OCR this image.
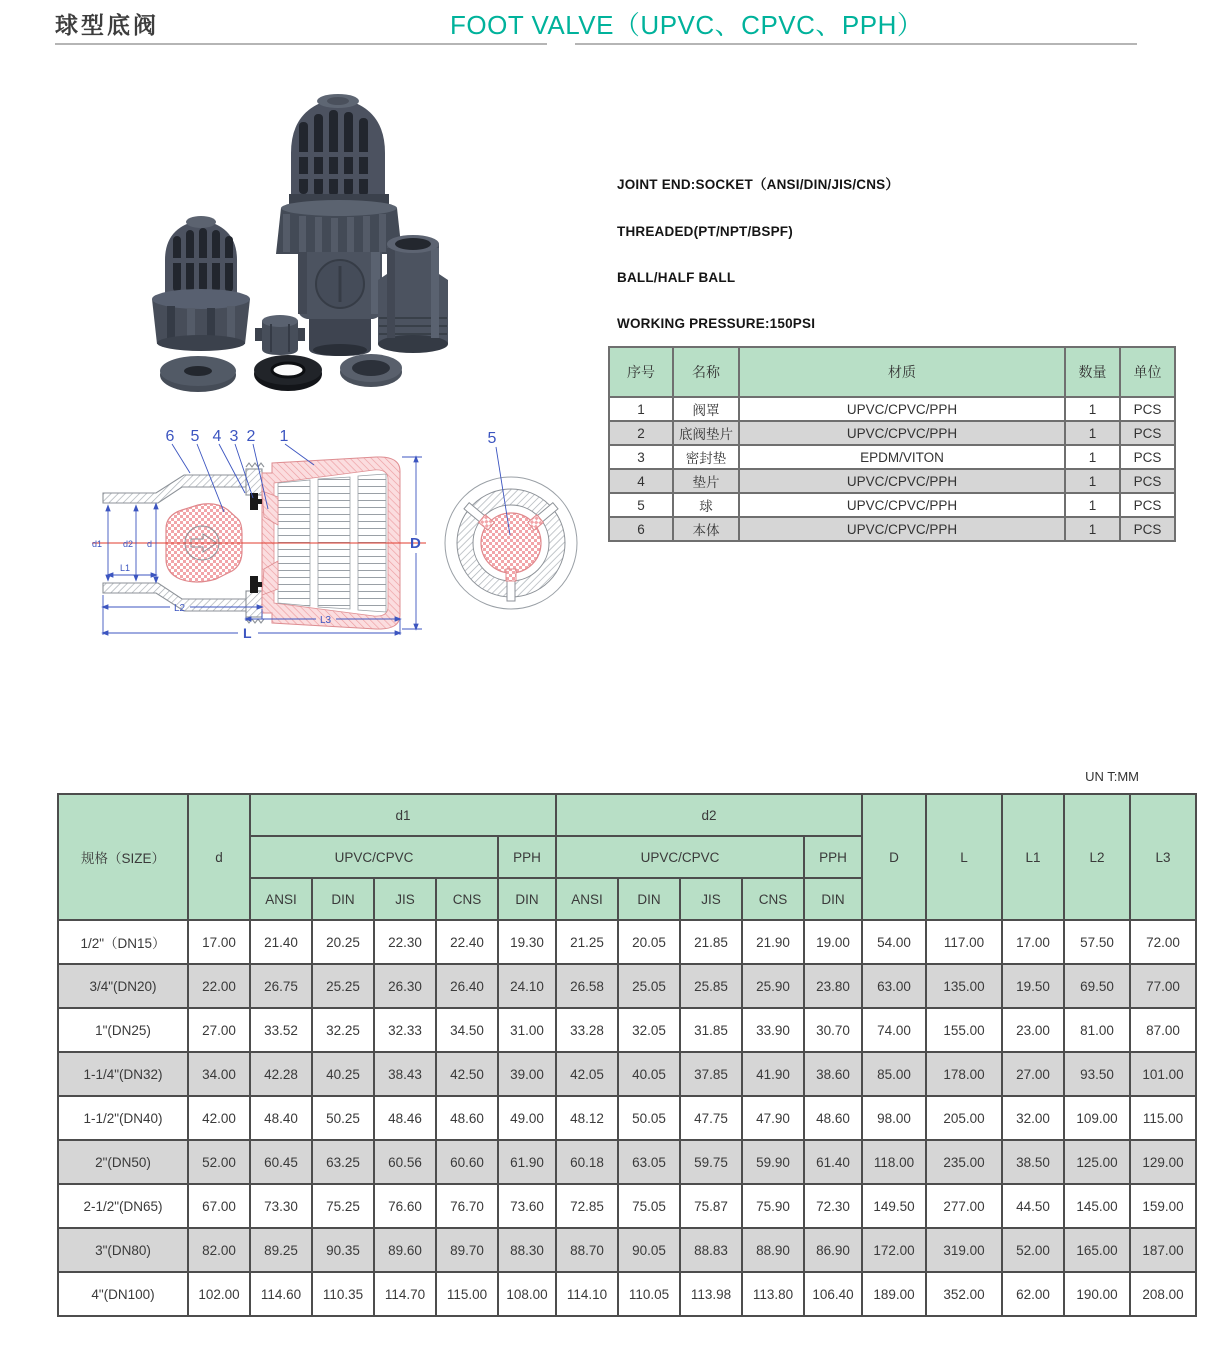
球型底阀	FOOT VALVE（UPVC、CPVC、PPH）
JOINT END:SOCKET（ANSI/DIN/JIS/CNS）
THREADED(PT/NPT/BSPF)
BALL/HALF BALL
WORKING PRESSURE:150PSI
序号	名称	材质	数量	单位
1	阀罩	UPVC/CPVC/PPH	1	PCS
2	底阀垫片	UPVC/CPVC/PPH	1	PCS
3	密封垫	EPDM/VITON	1	PCS
4	垫片	UPVC/CPVC/PPH	1	PCS
5	球	UPVC/CPVC/PPH	1	PCS
6	本体	UPVC/CPVC/PPH	1	PCS
d1 d2 d
L1
L2
L3
L
D
6 5 4 3 2 1	5
UN T:MM
规格（SIZE）	d	d1					d2					D	L	L1	L2	L3
		UPVC/CPVC				PPH	UPVC/CPVC				PPH					
		ANSI	DIN	JIS	CNS	DIN	ANSI	DIN	JIS	CNS	DIN					
1/2"（DN15）	17.00	21.40	20.25	22.30	22.40	19.30	21.25	20.05	21.85	21.90	19.00	54.00	117.00	17.00	57.50	72.00
3/4"(DN20)	22.00	26.75	25.25	26.30	26.40	24.10	26.58	25.05	25.85	25.90	23.80	63.00	135.00	19.50	69.50	77.00
1"(DN25)	27.00	33.52	32.25	32.33	34.50	31.00	33.28	32.05	31.85	33.90	30.70	74.00	155.00	23.00	81.00	87.00
1-1/4"(DN32)	34.00	42.28	40.25	38.43	42.50	39.00	42.05	40.05	37.85	41.90	38.60	85.00	178.00	27.00	93.50	101.00
1-1/2"(DN40)	42.00	48.40	50.25	48.46	48.60	49.00	48.12	50.05	47.75	47.90	48.60	98.00	205.00	32.00	109.00	115.00
2"(DN50)	52.00	60.45	63.25	60.56	60.60	61.90	60.18	63.05	59.75	59.90	61.40	118.00	235.00	38.50	125.00	129.00
2-1/2"(DN65)	67.00	73.30	75.25	76.60	76.70	73.60	72.85	75.05	75.87	75.90	72.30	149.50	277.00	44.50	145.00	159.00
3"(DN80)	82.00	89.25	90.35	89.60	89.70	88.30	88.70	90.05	88.83	88.90	86.90	172.00	319.00	52.00	165.00	187.00
4"(DN100)	102.00	114.60	110.35	114.70	115.00	108.00	114.10	110.05	113.98	113.80	106.40	189.00	352.00	62.00	190.00	208.00
